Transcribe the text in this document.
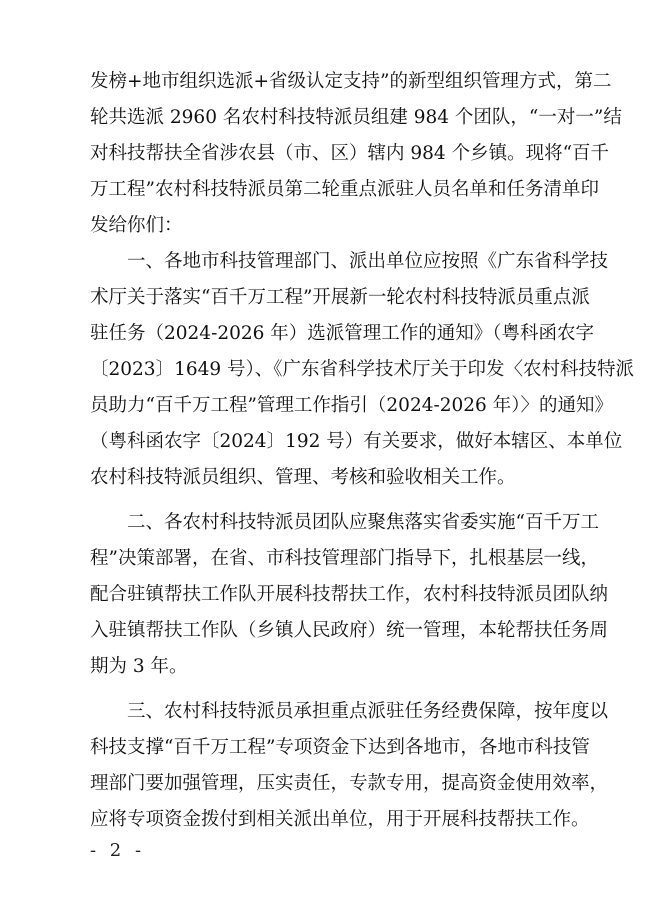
发榜+地市组织选派+省级认定支持”的新型组织管理方式，第二
轮共选派 2960 名农村科技特派员组建 984 个团队，“一对一”结
对科技帮扶全省涉农县（市、区）辖内 984 个乡镇。现将“百千
万工程”农村科技特派员第二轮重点派驻人员名单和任务清单印
发给你们：
　　一、各地市科技管理部门、派出单位应按照《广东省科学技
术厅关于落实“百千万工程”开展新一轮农村科技特派员重点派
驻任务（2024-2026 年）选派管理工作的通知》（粤科函农字
〔2023〕1649 号）、《广东省科学技术厅关于印发〈农村科技特派
员助力“百千万工程”管理工作指引（2024-2026 年）〉的通知》
（粤科函农字〔2024〕192 号）有关要求，做好本辖区、本单位
农村科技特派员组织、管理、考核和验收相关工作。
　　二、各农村科技特派员团队应聚焦落实省委实施“百千万工
程”决策部署，在省、市科技管理部门指导下，扎根基层一线，
配合驻镇帮扶工作队开展科技帮扶工作，农村科技特派员团队纳
入驻镇帮扶工作队（乡镇人民政府）统一管理，本轮帮扶任务周
期为 3 年。
　　三、农村科技特派员承担重点派驻任务经费保障，按年度以
科技支撑“百千万工程”专项资金下达到各地市，各地市科技管
理部门要加强管理，压实责任，专款专用，提高资金使用效率，
应将专项资金拨付到相关派出单位，用于开展科技帮扶工作。
- 2 -
